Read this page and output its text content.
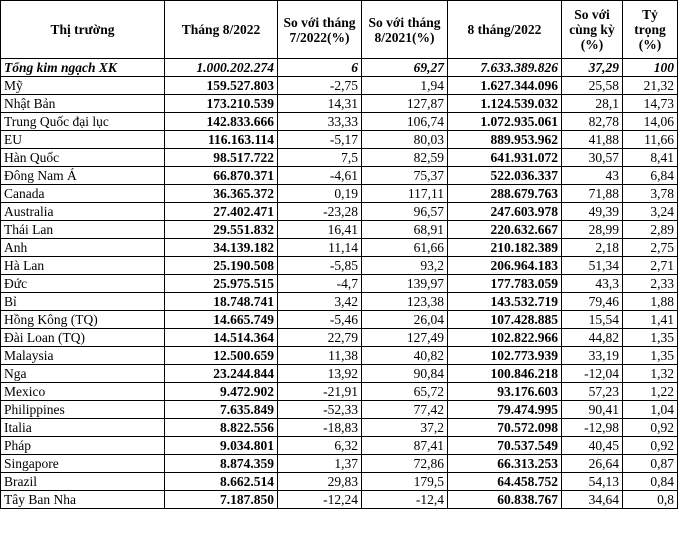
Thị trường	Tháng 8/2022	So với tháng 7/2022(%)	So với tháng 8/2021(%)	8 tháng/2022	So với cùng kỳ (%)	Tỷ trọng (%)
Tổng kim ngạch XK	1.000.202.274	6	69,27	7.633.389.826	37,29	100
Mỹ	159.527.803	-2,75	1,94	1.627.344.096	25,58	21,32
Nhật Bản	173.210.539	14,31	127,87	1.124.539.032	28,1	14,73
Trung Quốc đại lục	142.833.666	33,33	106,74	1.072.935.061	82,78	14,06
EU	116.163.114	-5,17	80,03	889.953.962	41,88	11,66
Hàn Quốc	98.517.722	7,5	82,59	641.931.072	30,57	8,41
Đông Nam Á	66.870.371	-4,61	75,37	522.036.337	43	6,84
Canada	36.365.372	0,19	117,11	288.679.763	71,88	3,78
Australia	27.402.471	-23,28	96,57	247.603.978	49,39	3,24
Thái Lan	29.551.832	16,41	68,91	220.632.667	28,99	2,89
Anh	34.139.182	11,14	61,66	210.182.389	2,18	2,75
Hà Lan	25.190.508	-5,85	93,2	206.964.183	51,34	2,71
Đức	25.975.515	-4,7	139,97	177.783.059	43,3	2,33
Bỉ	18.748.741	3,42	123,38	143.532.719	79,46	1,88
Hồng Kông (TQ)	14.665.749	-5,46	26,04	107.428.885	15,54	1,41
Đài Loan (TQ)	14.514.364	22,79	127,49	102.822.966	44,82	1,35
Malaysia	12.500.659	11,38	40,82	102.773.939	33,19	1,35
Nga	23.244.844	13,92	90,84	100.846.218	-12,04	1,32
Mexico	9.472.902	-21,91	65,72	93.176.603	57,23	1,22
Philippines	7.635.849	-52,33	77,42	79.474.995	90,41	1,04
Italia	8.822.556	-18,83	37,2	70.572.098	-12,98	0,92
Pháp	9.034.801	6,32	87,41	70.537.549	40,45	0,92
Singapore	8.874.359	1,37	72,86	66.313.253	26,64	0,87
Brazil	8.662.514	29,83	179,5	64.458.752	54,13	0,84
Tây Ban Nha	7.187.850	-12,24	-12,4	60.838.767	34,64	0,8
